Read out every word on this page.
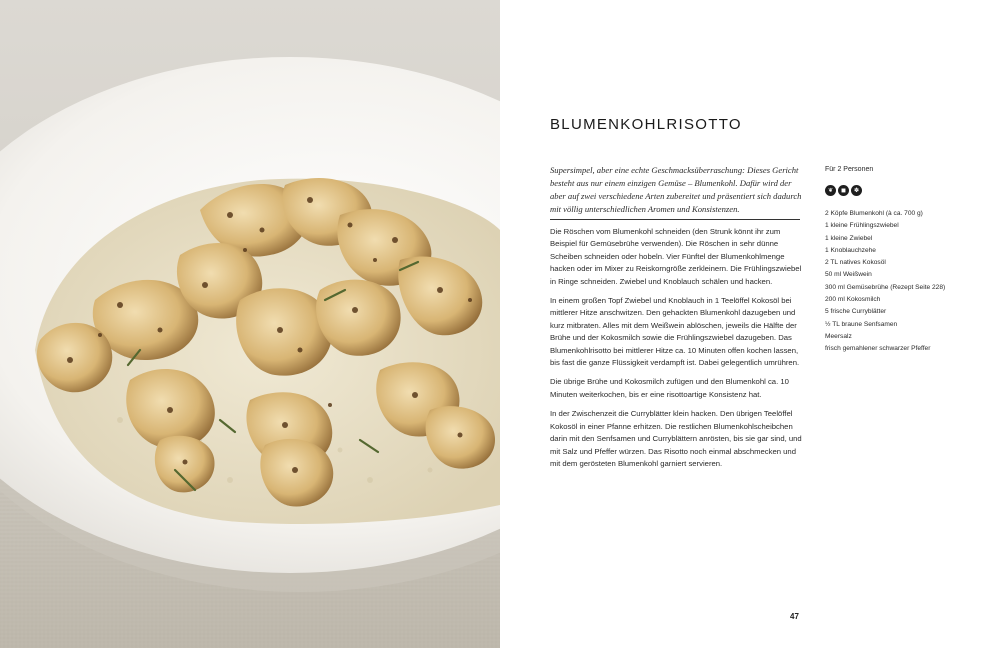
BLUMENKOHLRISOTTO

Supersimpel, aber eine echte Geschmacksüberraschung: Dieses Gericht besteht aus nur einem einzigen Gemüse – Blumenkohl. Dafür wird der aber auf zwei verschiedene Arten zubereitet und präsentiert sich dadurch mit völlig unterschiedlichen Aromen und Konsistenzen.

Die Röschen vom Blumenkohl schneiden (den Strunk könnt ihr zum Beispiel für Gemüsebrühe verwenden). Die Röschen in sehr dünne Scheiben schneiden oder hobeln. Vier Fünftel der Blumenkohlmenge hacken oder im Mixer zu Reiskorngröße zerkleinern. Die Frühlingszwiebel in Ringe schneiden. Zwiebel und Knoblauch schälen und hacken.

In einem großen Topf Zwiebel und Knoblauch in 1 Teelöffel Kokosöl bei mittlerer Hitze anschwitzen. Den gehackten Blumenkohl dazugeben und kurz mitbraten. Alles mit dem Weißwein ablöschen, jeweils die Hälfte der Brühe und der Kokosmilch sowie die Frühlingszwiebel dazugeben. Das Blumenkohlrisotto bei mittlerer Hitze ca. 10 Minuten offen kochen lassen, bis fast die ganze Flüssigkeit verdampft ist. Dabei gelegentlich umrühren.

Die übrige Brühe und Kokosmilch zufügen und den Blumenkohl ca. 10 Minuten weiterkochen, bis er eine risottoartige Konsistenz hat.

In der Zwischenzeit die Curryblätter klein hacken. Den übrigen Teelöffel Kokosöl in einer Pfanne erhitzen. Die restlichen Blumenkohlscheibchen darin mit den Senfsamen und Curryblättern anrösten, bis sie gar sind, und mit Salz und Pfeffer würzen. Das Risotto noch einmal abschmecken und mit dem gerösteten Blumenkohl garniert servieren.

Für 2 Personen
❦	◼	✽
2 Köpfe Blumenkohl (à ca. 700 g)
1 kleine Frühlingszwiebel
1 kleine Zwiebel
1 Knoblauchzehe
2 TL natives Kokosöl
50 ml Weißwein
300 ml Gemüsebrühe (Rezept Seite 228)
200 ml Kokosmilch
5 frische Curryblätter
½ TL braune Senfsamen
Meersalz
frisch gemahlener schwarzer Pfeffer
47
